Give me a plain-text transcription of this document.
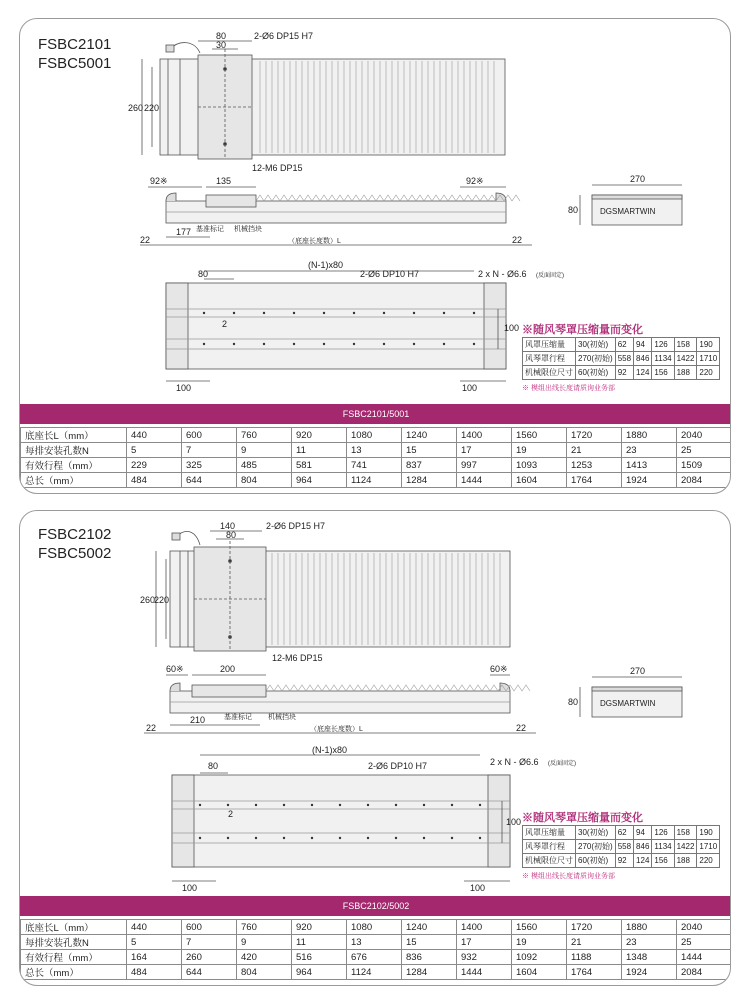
FSBC2101
FSBC5001
2-Ø6 DP15 H7
80
30
260 220
12-M6 DP15
92※	135	92※
177
22	22
基准标记 机械挡块
（底座长度数）L
270
80	DGSMARTWIN
(N-1)x80
80	2-Ø6 DP10 H7	2 x N - Ø6.6 (反面固定)
2	100
100	100
※随风琴罩压缩量而变化
风罩压缩量	30(初始)	62	94	126	158	190
风琴罩行程	270(初始)	558	846	1134	1422	1710
机械限位尺寸	60(初始)	92	124	156	188	220
※ 模组出线长度请质询业务部
FSBC2101/5001
底座长L（mm）	440	600	760	920	1080	1240	1400	1560	1720	1880	2040
每排安装孔数N	5	7	9	11	13	15	17	19	21	23	25
有效行程（mm）	229	325	485	581	741	837	997	1093	1253	1413	1509
总长（mm）	484	644	804	964	1124	1284	1444	1604	1764	1924	2084
FSBC2102
FSBC5002
2-Ø6 DP15 H7
80
140
260
220
12-M6 DP15
60※	200	60※
210
22	22
基准标记 机械挡块
（底座长度数）L
270
80	DGSMARTWIN
(N-1)x80
80	2-Ø6 DP10 H7	2 x N - Ø6.6 (反面固定)
2
100
100	100
※随风琴罩压缩量而变化
风罩压缩量	30(初始)	62	94	126	158	190
风琴罩行程	270(初始)	558	846	1134	1422	1710
机械限位尺寸	60(初始)	92	124	156	188	220
※ 模组出线长度请质询业务部
FSBC2102/5002
底座长L（mm）	440	600	760	920	1080	1240	1400	1560	1720	1880	2040
每排安装孔数N	5	7	9	11	13	15	17	19	21	23	25
有效行程（mm）	164	260	420	516	676	836	932	1092	1188	1348	1444
总长（mm）	484	644	804	964	1124	1284	1444	1604	1764	1924	2084
